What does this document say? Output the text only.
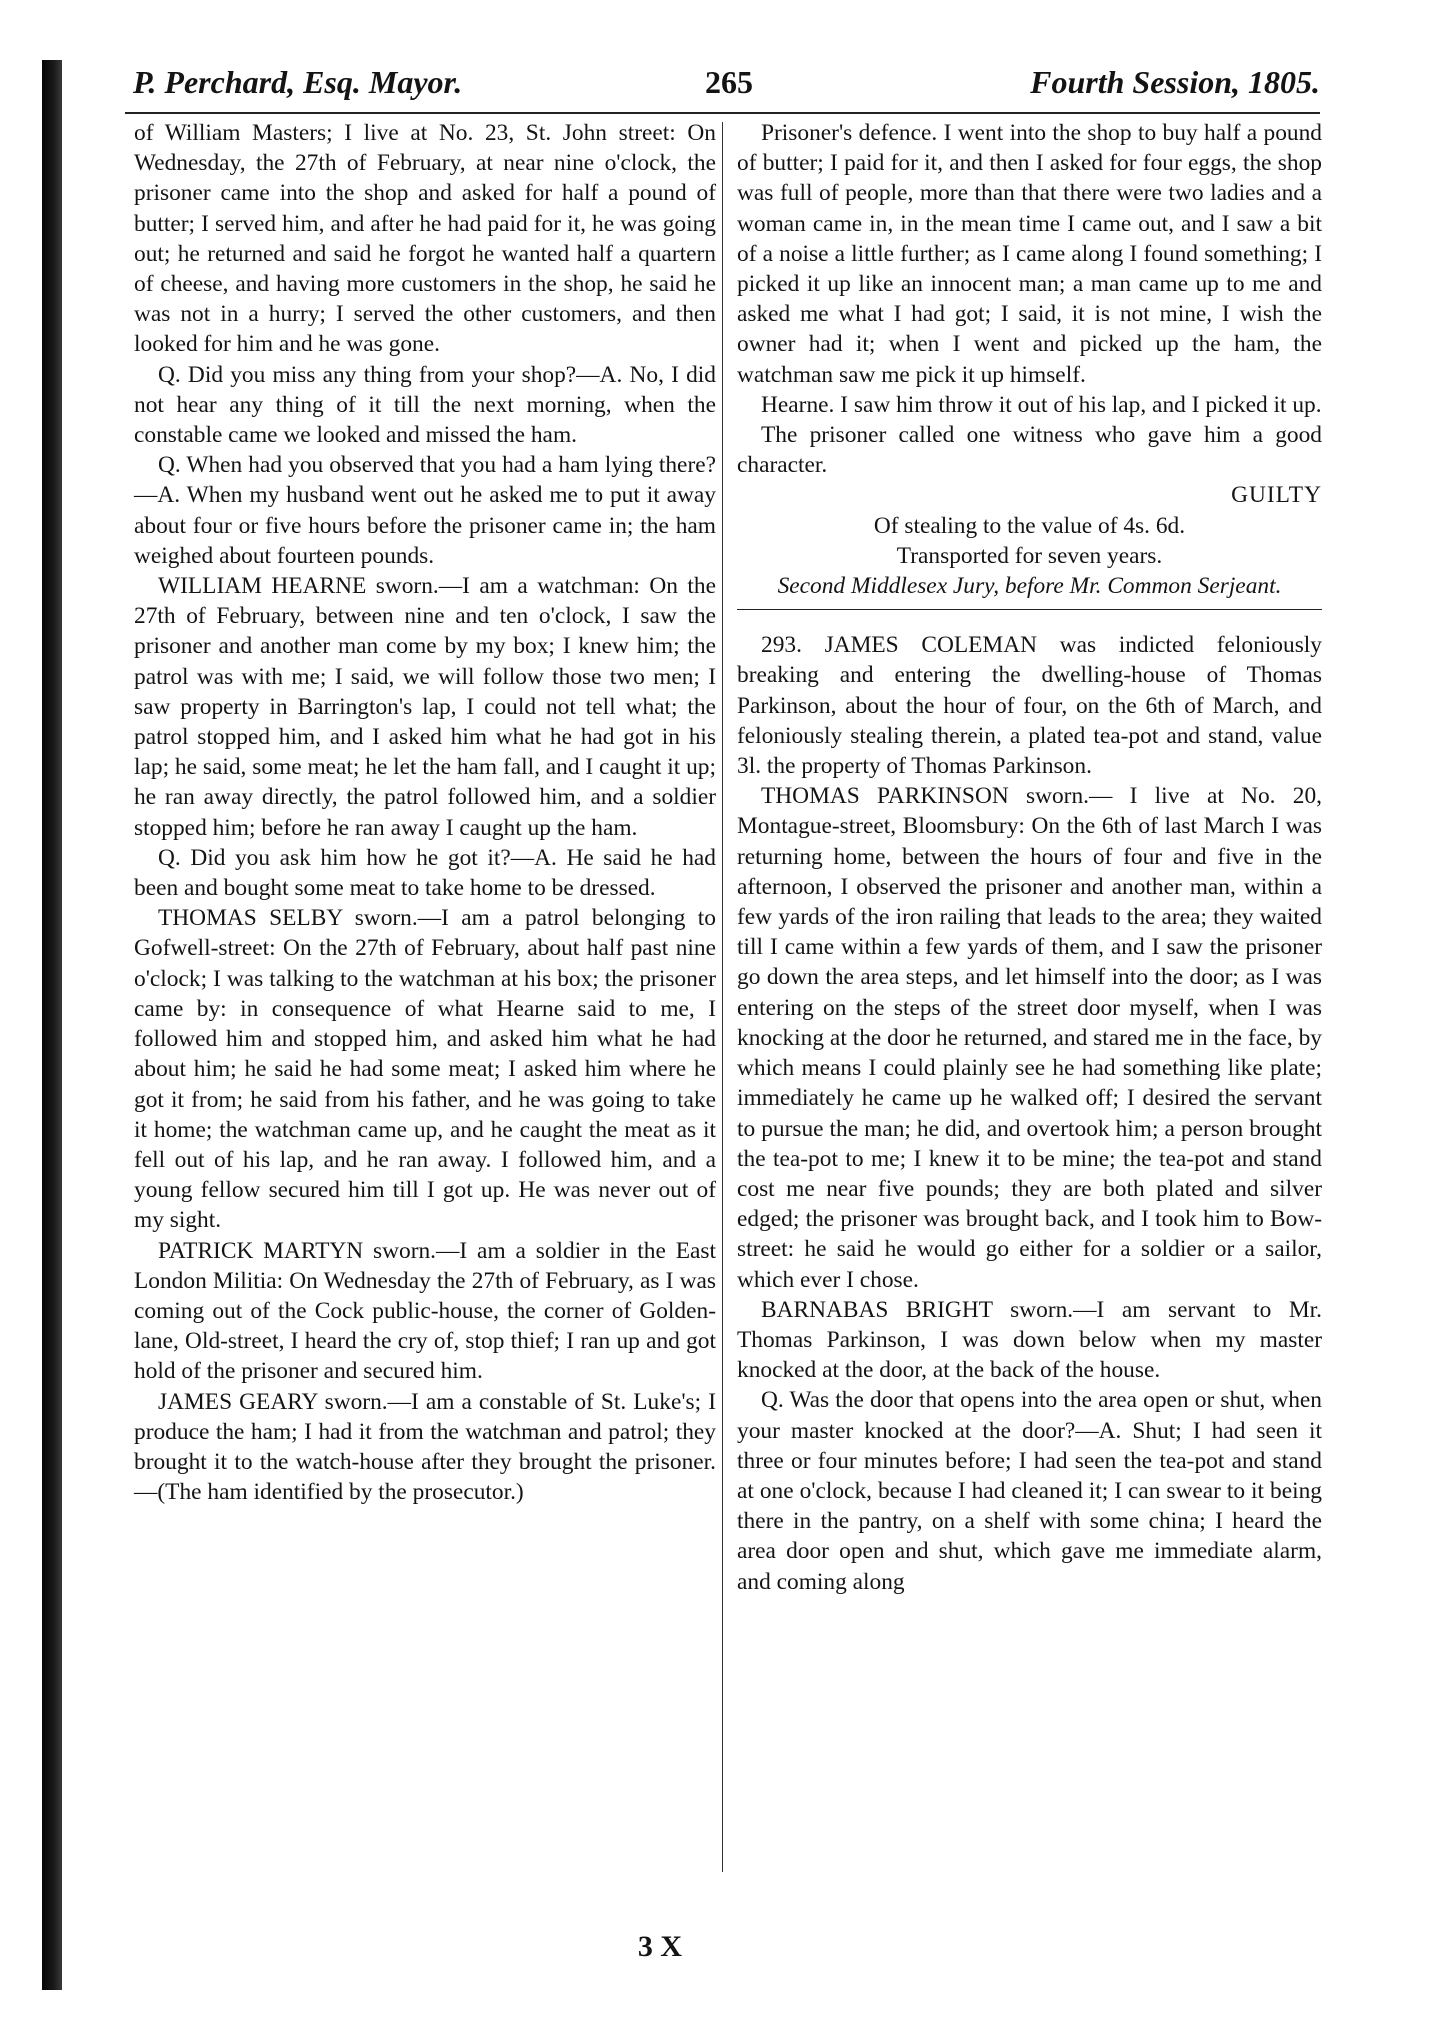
P. Perchard, Esq. Mayor.	265	Fourth Session, 1805.

of William Masters; I live at No. 23, St. John street: On Wednesday, the 27th of February, at near nine o'clock, the prisoner came into the shop and asked for half a pound of butter; I served him, and after he had paid for it, he was going out; he returned and said he forgot he wanted half a quartern of cheese, and having more customers in the shop, he said he was not in a hurry; I served the other customers, and then looked for him and he was gone.

Q. Did you miss any thing from your shop?—A. No, I did not hear any thing of it till the next morning, when the constable came we looked and missed the ham.

Q. When had you observed that you had a ham lying there?—A. When my husband went out he asked me to put it away about four or five hours before the prisoner came in; the ham weighed about fourteen pounds.

WILLIAM HEARNE sworn.—I am a watchman: On the 27th of February, between nine and ten o'clock, I saw the prisoner and another man come by my box; I knew him; the patrol was with me; I said, we will follow those two men; I saw property in Barrington's lap, I could not tell what; the patrol stopped him, and I asked him what he had got in his lap; he said, some meat; he let the ham fall, and I caught it up; he ran away directly, the patrol followed him, and a soldier stopped him; before he ran away I caught up the ham.

Q. Did you ask him how he got it?—A. He said he had been and bought some meat to take home to be dressed.

THOMAS SELBY sworn.—I am a patrol belonging to Gofwell-street: On the 27th of February, about half past nine o'clock; I was talking to the watchman at his box; the prisoner came by: in consequence of what Hearne said to me, I followed him and stopped him, and asked him what he had about him; he said he had some meat; I asked him where he got it from; he said from his father, and he was going to take it home; the watchman came up, and he caught the meat as it fell out of his lap, and he ran away. I followed him, and a young fellow secured him till I got up. He was never out of my sight.

PATRICK MARTYN sworn.—I am a soldier in the East London Militia: On Wednesday the 27th of February, as I was coming out of the Cock public-house, the corner of Golden-lane, Old-street, I heard the cry of, stop thief; I ran up and got hold of the prisoner and secured him.

JAMES GEARY sworn.—I am a constable of St. Luke's; I produce the ham; I had it from the watchman and patrol; they brought it to the watch-house after they brought the prisoner.—(The ham identified by the prosecutor.)

Prisoner's defence. I went into the shop to buy half a pound of butter; I paid for it, and then I asked for four eggs, the shop was full of people, more than that there were two ladies and a woman came in, in the mean time I came out, and I saw a bit of a noise a little further; as I came along I found something; I picked it up like an innocent man; a man came up to me and asked me what I had got; I said, it is not mine, I wish the owner had it; when I went and picked up the ham, the watchman saw me pick it up himself.

Hearne. I saw him throw it out of his lap, and I picked it up.

The prisoner called one witness who gave him a good character.

GUILTY

Of stealing to the value of 4s. 6d.

Transported for seven years.

Second Middlesex Jury, before Mr. Common Serjeant.

293. JAMES COLEMAN was indicted feloniously breaking and entering the dwelling-house of Thomas Parkinson, about the hour of four, on the 6th of March, and feloniously stealing therein, a plated tea-pot and stand, value 3l. the property of Thomas Parkinson.

THOMAS PARKINSON sworn.— I live at No. 20, Montague-street, Bloomsbury: On the 6th of last March I was returning home, between the hours of four and five in the afternoon, I observed the prisoner and another man, within a few yards of the iron railing that leads to the area; they waited till I came within a few yards of them, and I saw the prisoner go down the area steps, and let himself into the door; as I was entering on the steps of the street door myself, when I was knocking at the door he returned, and stared me in the face, by which means I could plainly see he had something like plate; immediately he came up he walked off; I desired the servant to pursue the man; he did, and overtook him; a person brought the tea-pot to me; I knew it to be mine; the tea-pot and stand cost me near five pounds; they are both plated and silver edged; the prisoner was brought back, and I took him to Bow-street: he said he would go either for a soldier or a sailor, which ever I chose.

BARNABAS BRIGHT sworn.—I am servant to Mr. Thomas Parkinson, I was down below when my master knocked at the door, at the back of the house.

Q. Was the door that opens into the area open or shut, when your master knocked at the door?—A. Shut; I had seen it three or four minutes before; I had seen the tea-pot and stand at one o'clock, because I had cleaned it; I can swear to it being there in the pantry, on a shelf with some china; I heard the area door open and shut, which gave me immediate alarm, and coming along

3 X
